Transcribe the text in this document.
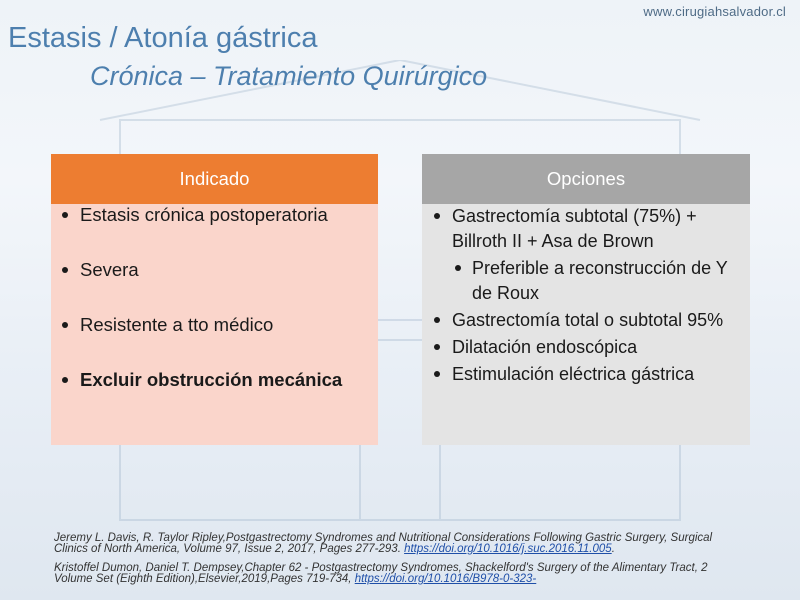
www.cirugiahsalvador.cl
Estasis / Atonía gástrica
Crónica – Tratamiento Quirúrgico
Indicado
Estasis crónica postoperatoria
Severa
Resistente a tto médico
Excluir obstrucción mecánica
Opciones
Gastrectomía subtotal (75%) + Billroth II + Asa de Brown
Preferible a reconstrucción de Y de Roux
Gastrectomía total o subtotal 95%
Dilatación endoscópica
Estimulación eléctrica gástrica

Jeremy L. Davis, R. Taylor Ripley,Postgastrectomy Syndromes and Nutritional Considerations Following Gastric Surgery, Surgical Clinics of North America, Volume 97, Issue 2, 2017, Pages 277-293. https://doi.org/10.1016/j.suc.2016.11.005.

Kristoffel Dumon, Daniel T. Dempsey,Chapter 62 - Postgastrectomy Syndromes, Shackelford's Surgery of the Alimentary Tract, 2 Volume Set (Eighth Edition),Elsevier,2019,Pages 719-734, https://doi.org/10.1016/B978-0-323-
